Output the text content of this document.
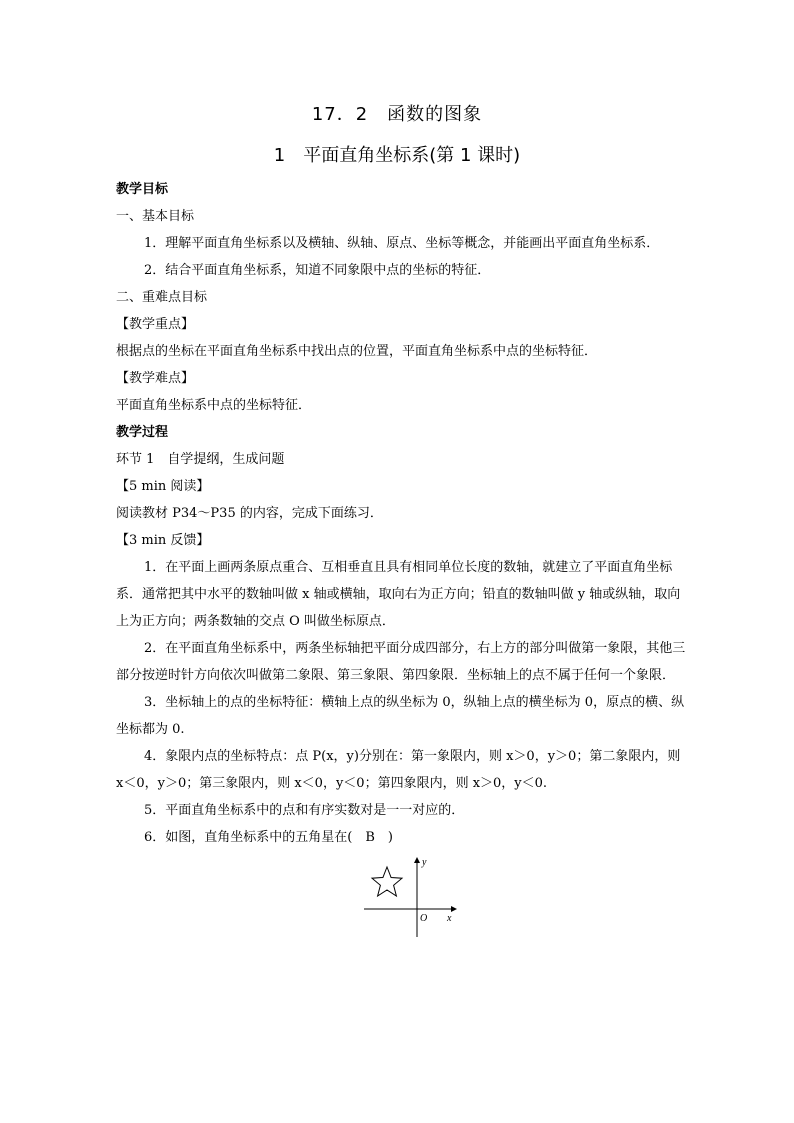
17．2　函数的图象
1　平面直角坐标系(第 1 课时)

教学目标

一、基本目标

1．理解平面直角坐标系以及横轴、纵轴、原点、坐标等概念，并能画出平面直角坐标系．

2．结合平面直角坐标系，知道不同象限中点的坐标的特征．

二、重难点目标

【教学重点】

根据点的坐标在平面直角坐标系中找出点的位置，平面直角坐标系中点的坐标特征．

【教学难点】

平面直角坐标系中点的坐标特征．

教学过程

环节 1　自学提纲，生成问题

【5 min 阅读】

阅读教材 P34～P35 的内容，完成下面练习．

【3 min 反馈】

1．在平面上画两条原点重合、互相垂直且具有相同单位长度的数轴，就建立了平面直角坐标系．通常把其中水平的数轴叫做 x 轴或横轴，取向右为正方向；铅直的数轴叫做 y 轴或纵轴，取向上为正方向；两条数轴的交点 O 叫做坐标原点．

2．在平面直角坐标系中，两条坐标轴把平面分成四部分，右上方的部分叫做第一象限，其他三部分按逆时针方向依次叫做第二象限、第三象限、第四象限．坐标轴上的点不属于任何一个象限．

3．坐标轴上的点的坐标特征：横轴上点的纵坐标为 0，纵轴上点的横坐标为 0，原点的横、纵坐标都为 0.

4．象限内点的坐标特点：点 P(x，y)分别在：第一象限内，则 x＞0，y＞0；第二象限内，则 x＜0，y＞0；第三象限内，则 x＜0，y＜0；第四象限内，则 x＞0，y＜0.

5．平面直角坐标系中的点和有序实数对是一一对应的．

6．如图，直角坐标系中的五角星在(　B　)

y
x
O
